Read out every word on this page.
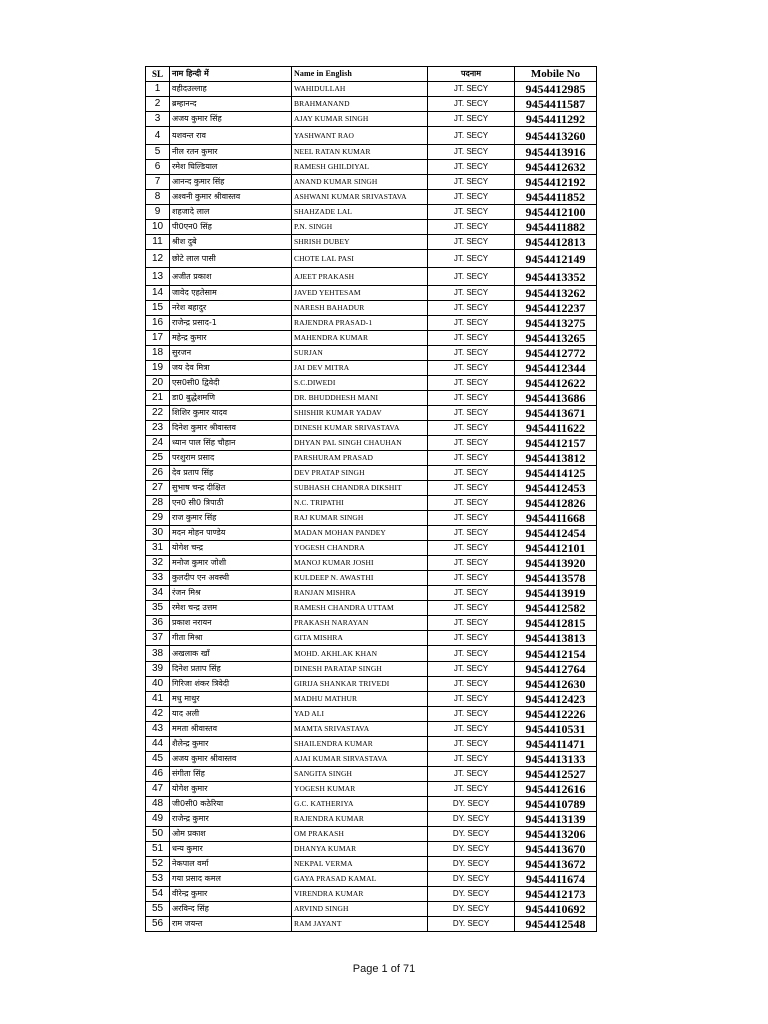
SL	नाम हिन्दी में	Name in English	पदनाम	Mobile No
1	वहीदउल्लाह	WAHIDULLAH	JT. SECY	9454412985
2	ब्रम्हानन्द	BRAHMANAND	JT. SECY	9454411587
3	अजय कुमार सिंह	AJAY KUMAR SINGH	JT. SECY	9454411292
4	यशवन्त राव	YASHWANT RAO	JT. SECY	9454413260
5	नील रतन कुमार	NEEL RATAN KUMAR	JT. SECY	9454413916
6	रमेश घिल्डियाल	RAMESH GHILDIYAL	JT. SECY	9454412632
7	आनन्द कुमार सिंह	ANAND KUMAR SINGH	JT. SECY	9454412192
8	अश्वनी कुमार श्रीवास्तव	ASHWANI KUMAR SRIVASTAVA	JT. SECY	9454411852
9	शहजादे लाल	SHAHZADE LAL	JT. SECY	9454412100
10	पी0एन0 सिंह	P.N. SINGH	JT. SECY	9454411882
11	श्रीश दुबे	SHRISH DUBEY	JT. SECY	9454412813
12	छोटे लाल पासी	CHOTE LAL PASI	JT. SECY	9454412149
13	अजीत प्रकाश	AJEET PRAKASH	JT. SECY	9454413352
14	जावेद एहतेसाम	JAVED YEHTESAM	JT. SECY	9454413262
15	नरेश बहादुर	NARESH BAHADUR	JT. SECY	9454412237
16	राजेन्द्र प्रसाद-1	RAJENDRA PRASAD-1	JT. SECY	9454413275
17	महेन्द्र कुमार	MAHENDRA KUMAR	JT. SECY	9454413265
18	सुरजन	SURJAN	JT. SECY	9454412772
19	जय देव मित्रा	JAI DEV MITRA	JT. SECY	9454412344
20	एस0सी0 द्विवेदी	S.C.DIWEDI	JT. SECY	9454412622
21	डा0 बुद्धेशमणि	DR. BHUDDHESH MANI	JT. SECY	9454413686
22	शिशिर कुमार यादव	SHISHIR KUMAR YADAV	JT. SECY	9454413671
23	दिनेश कुमार श्रीवास्तव	DINESH KUMAR SRIVASTAVA	JT. SECY	9454411622
24	ध्यान पाल सिंह चौहान	DHYAN PAL SINGH CHAUHAN	JT. SECY	9454412157
25	परशुराम प्रसाद	PARSHURAM PRASAD	JT. SECY	9454413812
26	देव प्रताप सिंह	DEV PRATAP SINGH	JT. SECY	9454414125
27	सुभाष चन्द्र दीक्षित	SUBHASH CHANDRA DIKSHIT	JT. SECY	9454412453
28	एन0 सी0 त्रिपाठी	N.C. TRIPATHI	JT. SECY	9454412826
29	राज कुमार सिंह	RAJ KUMAR SINGH	JT. SECY	9454411668
30	मदन मोहन पाण्डेय	MADAN MOHAN PANDEY	JT. SECY	9454412454
31	योगेश चन्द्र	YOGESH CHANDRA	JT. SECY	9454412101
32	मनोज कुमार जोशी	MANOJ KUMAR JOSHI	JT. SECY	9454413920
33	कुलदीप एन अवस्थी	KULDEEP N. AWASTHI	JT. SECY	9454413578
34	रंजन मिश्र	RANJAN MISHRA	JT. SECY	9454413919
35	रमेश चन्द्र उत्तम	RAMESH CHANDRA UTTAM	JT. SECY	9454412582
36	प्रकाश नरायन	PRAKASH NARAYAN	JT. SECY	9454412815
37	गीता मिश्रा	GITA MISHRA	JT. SECY	9454413813
38	अखलाक खाँ	MOHD. AKHLAK KHAN	JT. SECY	9454412154
39	दिनेश प्रताप सिंह	DINESH PARATAP SINGH	JT. SECY	9454412764
40	गिरिजा शंकर त्रिवेदी	GIRIJA SHANKAR TRIVEDI	JT. SECY	9454412630
41	मधु माथुर	MADHU MATHUR	JT. SECY	9454412423
42	याद अली	YAD ALI	JT. SECY	9454412226
43	ममता श्रीवास्तव	MAMTA SRIVASTAVA	JT. SECY	9454410531
44	शैलेन्द्र कुमार	SHAILENDRA KUMAR	JT. SECY	9454411471
45	अजय कुमार श्रीवास्तव	AJAI KUMAR SIRVASTAVA	JT. SECY	9454413133
46	संगीता सिंह	SANGITA SINGH	JT. SECY	9454412527
47	योगेश कुमार	YOGESH KUMAR	JT. SECY	9454412616
48	जी0सी0 कठेरिया	G.C. KATHERIYA	DY. SECY	9454410789
49	राजेन्द्र कुमार	RAJENDRA KUMAR	DY. SECY	9454413139
50	ओम प्रकाश	OM PRAKASH	DY. SECY	9454413206
51	धन्य कुमार	DHANYA KUMAR	DY. SECY	9454413670
52	नेकपाल वर्मा	NEKPAL VERMA	DY. SECY	9454413672
53	गया प्रसाद कमल	GAYA PRASAD KAMAL	DY. SECY	9454411674
54	वीरेन्द्र कुमार	VIRENDRA KUMAR	DY. SECY	9454412173
55	अरविन्द सिंह	ARVIND SINGH	DY. SECY	9454410692
56	राम जयन्त	RAM JAYANT	DY. SECY	9454412548
Page 1 of 71
